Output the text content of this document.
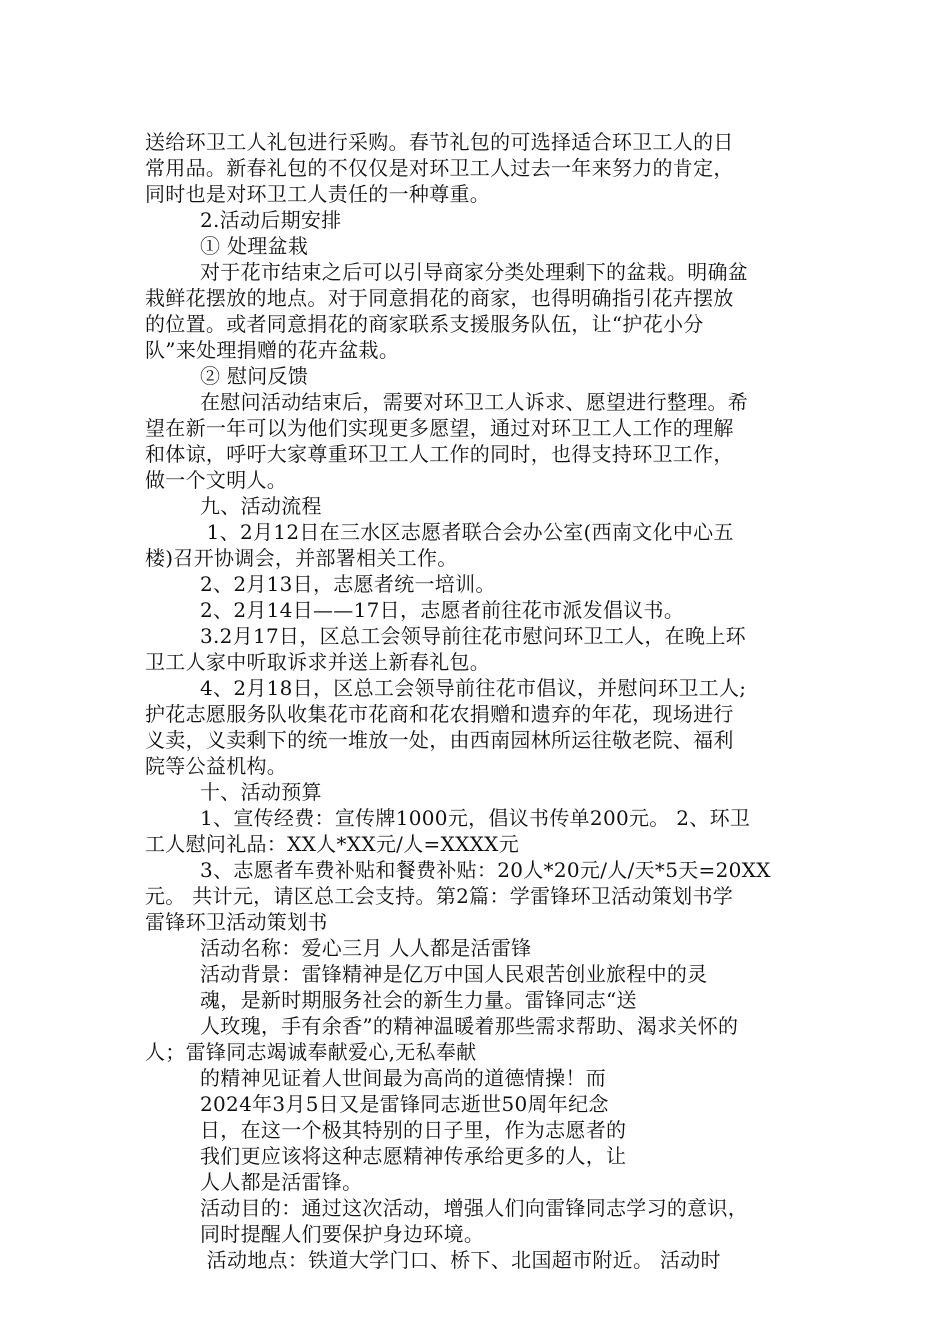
送给环卫工人礼包进行采购。春节礼包的可选择适合环卫工人的日
常用品。新春礼包的不仅仅是对环卫工人过去一年来努力的肯定，
同时也是对环卫工人责任的一种尊重。
2.活动后期安排
① 处理盆栽
对于花市结束之后可以引导商家分类处理剩下的盆栽。明确盆
栽鲜花摆放的地点。对于同意捐花的商家，也得明确指引花卉摆放
的位置。或者同意捐花的商家联系支援服务队伍，让“护花小分
队”来处理捐赠的花卉盆栽。
② 慰问反馈
在慰问活动结束后，需要对环卫工人诉求、愿望进行整理。希
望在新一年可以为他们实现更多愿望，通过对环卫工人工作的理解
和体谅，呼吁大家尊重环卫工人工作的同时，也得支持环卫工作，
做一个文明人。
九、活动流程
1、2月12日在三水区志愿者联合会办公室(西南文化中心五
楼)召开协调会，并部署相关工作。
2、2月13日，志愿者统一培训。
2、2月14日——17日，志愿者前往花市派发倡议书。
3.2月17日，区总工会领导前往花市慰问环卫工人，在晚上环
卫工人家中听取诉求并送上新春礼包。
4、2月18日，区总工会领导前往花市倡议，并慰问环卫工人;
护花志愿服务队收集花市花商和花农捐赠和遗弃的年花，现场进行
义卖，义卖剩下的统一堆放一处，由西南园林所运往敬老院、福利
院等公益机构。
十、活动预算
1、宣传经费：宣传牌1000元，倡议书传单200元。 2、环卫
工人慰问礼品：XX人*XX元/人=XXXX元
3、志愿者车费补贴和餐费补贴：20人*20元/人/天*5天=20XX
元。 共计元，请区总工会支持。第2篇：学雷锋环卫活动策划书学
雷锋环卫活动策划书
活动名称：爱心三月 人人都是活雷锋
活动背景：雷锋精神是亿万中国人民艰苦创业旅程中的灵
魂，是新时期服务社会的新生力量。雷锋同志“送
人玫瑰，手有余香”的精神温暖着那些需求帮助、渴求关怀的
人；雷锋同志竭诚奉献爱心,无私奉献
的精神见证着人世间最为高尚的道德情操！而
2024年3月5日又是雷锋同志逝世50周年纪念
日，在这一个极其特别的日子里，作为志愿者的
我们更应该将这种志愿精神传承给更多的人，让
人人都是活雷锋。
活动目的：通过这次活动，增强人们向雷锋同志学习的意识，
同时提醒人们要保护身边环境。
活动地点：铁道大学门口、桥下、北国超市附近。 活动时
